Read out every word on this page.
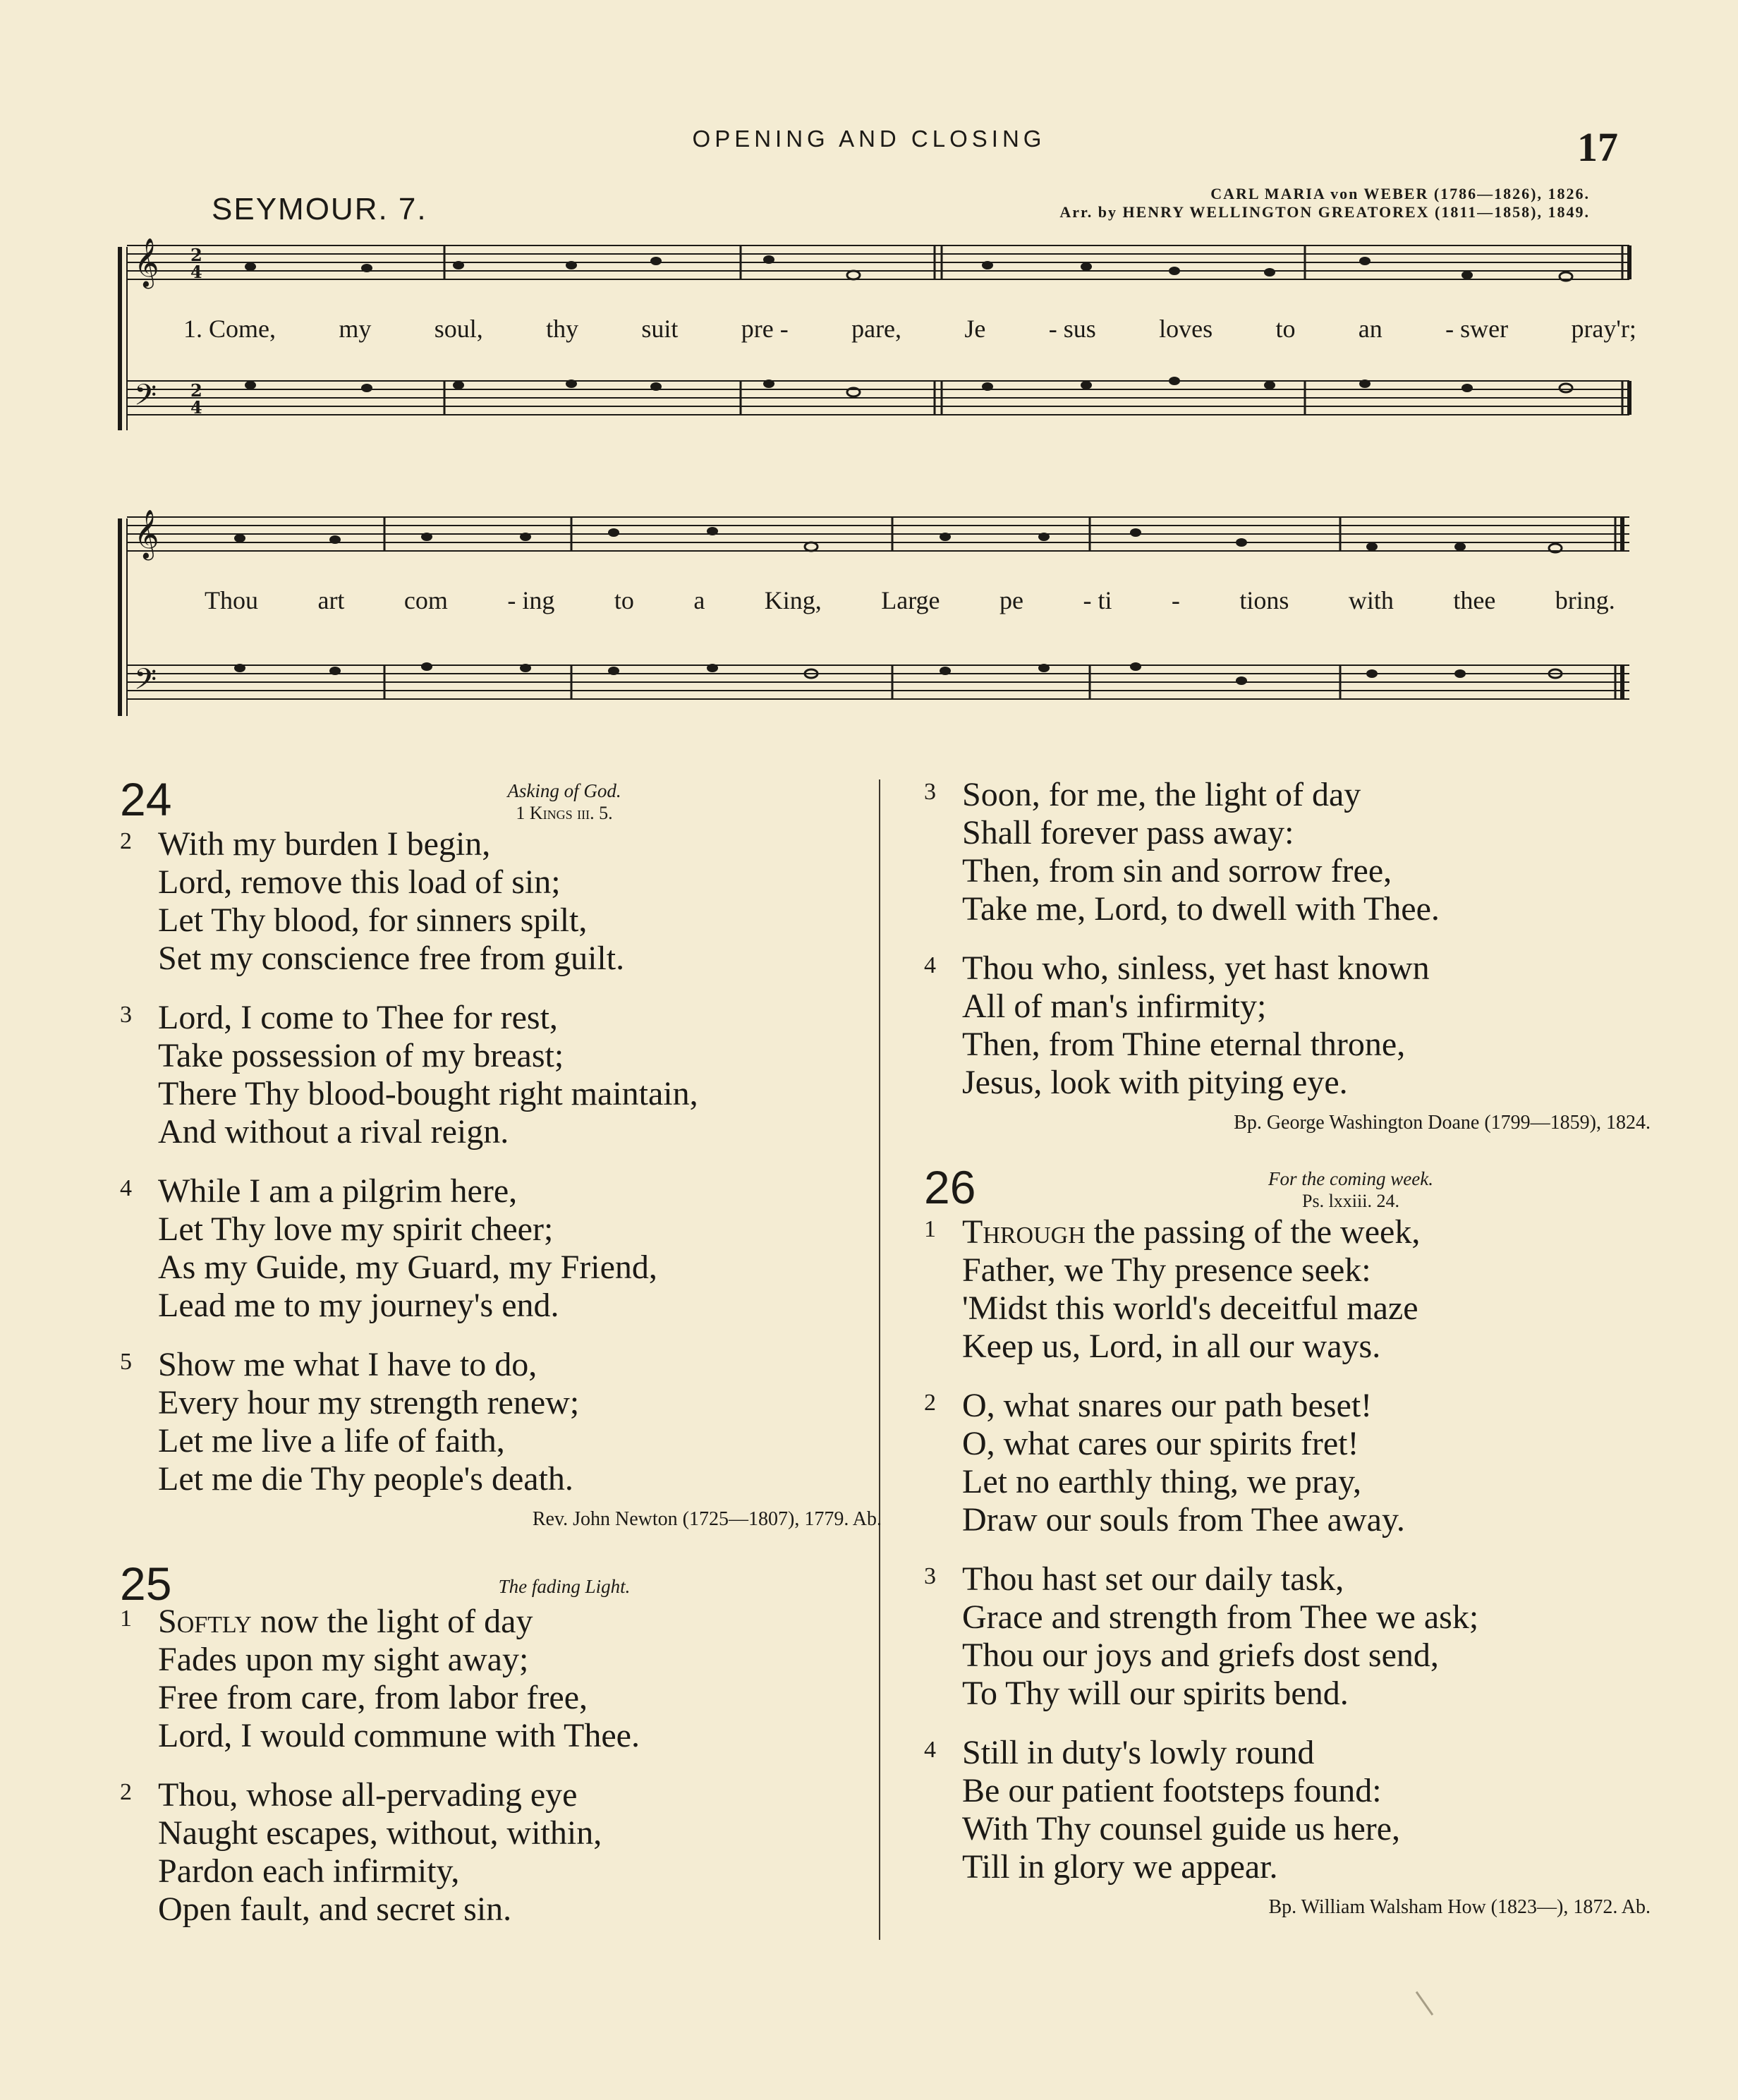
OPENING AND CLOSING	17
SEYMOUR. 7.	CARL MARIA von WEBER (1786—1826), 1826.
Arr. by HENRY WELLINGTON GREATOREX (1811—1858), 1849.
𝄞
𝄢
2
4
2
4
1. Come, my soul, thy suit pre - pare, Je - sus loves to an - swer pray'r;
𝄞
𝄢
Thou art com - ing to a King, Large pe - ti - tions with thee bring.
24	Asking of God.
1 Kings iii. 5.
2 With my burden I begin,
Lord, remove this load of sin;
Let Thy blood, for sinners spilt,
Set my conscience free from guilt.
3 Lord, I come to Thee for rest,
Take possession of my breast;
There Thy blood-bought right maintain,
And without a rival reign.
4 While I am a pilgrim here,
Let Thy love my spirit cheer;
As my Guide, my Guard, my Friend,
Lead me to my journey's end.
5 Show me what I have to do,
Every hour my strength renew;
Let me live a life of faith,
Let me die Thy people's death.
Rev. John Newton (1725—1807), 1779. Ab.
25	The fading Light.
1 Softly now the light of day
Fades upon my sight away;
Free from care, from labor free,
Lord, I would commune with Thee.
2 Thou, whose all-pervading eye
Naught escapes, without, within,
Pardon each infirmity,
Open fault, and secret sin.
3 Soon, for me, the light of day
Shall forever pass away:
Then, from sin and sorrow free,
Take me, Lord, to dwell with Thee.
4 Thou who, sinless, yet hast known
All of man's infirmity;
Then, from Thine eternal throne,
Jesus, look with pitying eye.
Bp. George Washington Doane (1799—1859), 1824.
26	For the coming week.
Ps. lxxiii. 24.
1 Through the passing of the week,
Father, we Thy presence seek:
'Midst this world's deceitful maze
Keep us, Lord, in all our ways.
2 O, what snares our path beset!
O, what cares our spirits fret!
Let no earthly thing, we pray,
Draw our souls from Thee away.
3 Thou hast set our daily task,
Grace and strength from Thee we ask;
Thou our joys and griefs dost send,
To Thy will our spirits bend.
4 Still in duty's lowly round
Be our patient footsteps found:
With Thy counsel guide us here,
Till in glory we appear.
Bp. William Walsham How (1823—), 1872. Ab.
